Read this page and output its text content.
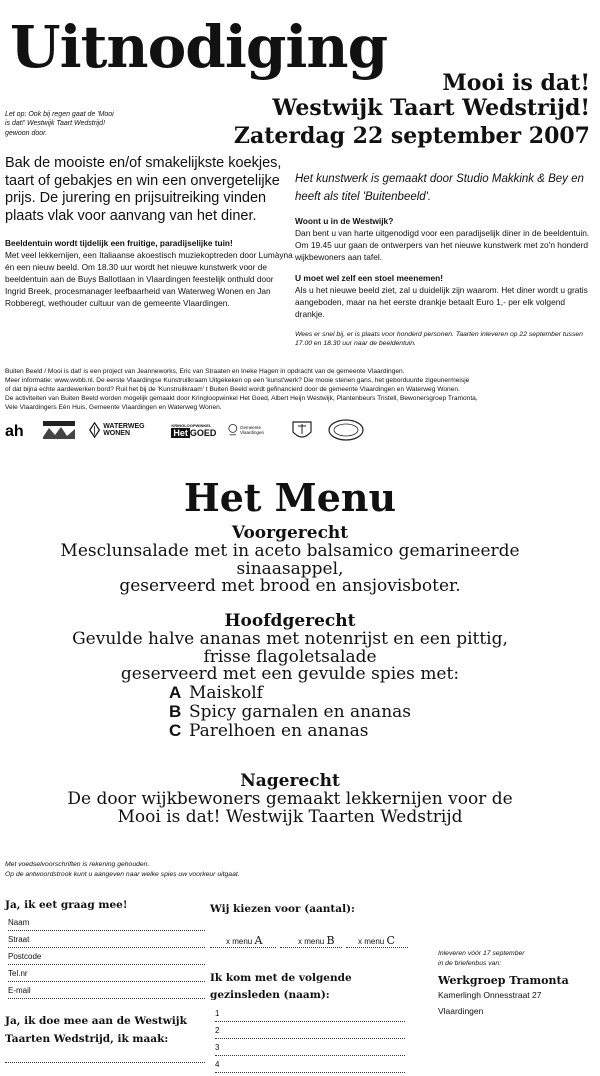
Uitnodiging
Mooi is dat!
Westwijk Taart Wedstrijd!
Zaterdag 22 september 2007
Let op: Ook bij regen gaat de 'Mooi is dat!' Westwijk Taart Wedstrijd! gewoon door.
Bak de mooiste en/of smakelijkste koekjes, taart of gebakjes en win een onvergetelijke prijs. De jurering en prijsuitreiking vinden plaats vlak voor aanvang van het diner.
Beeldentuin wordt tijdelijk een fruitige, paradijselijke tuin!
Met veel lekkernijen, een Italiaanse akoestisch muziekoptreden door Lumàyna én een nieuw beeld. Om 18.30 uur wordt het nieuwe kunstwerk voor de beeldentuin aan de Buys Ballotlaan in Vlaardingen feestelijk onthuld door Ingrid Breek, procesmanager leefbaarheid van Waterweg Wonen en Jan Robberegt, wethouder cultuur van de gemeente Vlaardingen.
Het kunstwerk is gemaakt door Studio Makkink & Bey en heeft als titel 'Buitenbeeld'.
Woont u in de Westwijk?
Dan bent u van harte uitgenodigd voor een paradijselijk diner in de beeldentuin. Om 19.45 uur gaan de ontwerpers van het nieuwe kunstwerk met zo'n honderd wijkbewoners aan tafel.
U moet wel zelf een stoel meenemen!
Als u het nieuwe beeld ziet, zal u duidelijk zijn waarom. Het diner wordt u gratis aangeboden, maar na het eerste drankje betaalt Euro 1,- per elk volgend drankje.
Wees er snel bij, er is plaats voor honderd personen. Taarten inleveren op 22 september tussen 17.00 en 18.30 uur naar de beeldentuin.
Buiten Beeld / Mooi is dat! is een project van Jeanneworks, Eric van Straaten en Ineke Hagen in opdracht van de gemeente Vlaardingen.
Meer informatie: www.wvbb.nl. De eerste Vlaardingse Kunstruilkraam Uitgekeken op een 'kunst'werk? Die mooie stenen gans, het geborduurde zigeunermeisje
of dat bijna echte aardewerken bord? Ruil het bij de 'Kunstruilkraam' t Buiten Beeld wordt gefinancierd door de gemeente Vlaardingen en Waterweg Wonen.
De activiteiten van Buiten Beeld worden mogelijk gemaakt door Kringloopwinkel Het Goed, Albert Heijn Westwijk, Plantenbeurs Tristell, Bewonersgroep Tramonta,
Vele Vlaardingers Eén Huis, Gemeente Vlaardingen en Waterweg Wonen.
ah	WATERWEG WONEN
KRINGLOOPWINKEL
Het GOED	Gemeente Vlaardingen
Het Menu
Voorgerecht
Mesclunsalade met in aceto balsamico gemarineerde
sinaasappel,
geserveerd met brood en ansjovisboter.
Hoofdgerecht
Gevulde halve ananas met notenrijst en een pittig,
frisse flagoletsalade
geserveerd met een gevulde spies met:
A Maiskolf
B Spicy garnalen en ananas
C Parelhoen en ananas
Nagerecht
De door wijkbewoners gemaakt lekkernijen voor de
Mooi is dat! Westwijk Taarten Wedstrijd
Met voedselvoorschriften is rekening gehouden.
Op de antwoordstrook kunt u aangeven naar welke spies uw voorkeur uitgaat.
Ja, ik eet graag mee!
Naam
Straat
Postcode
Tel.nr
E-mail
Ja, ik doe mee aan de Westwijk Taarten Wedstrijd, ik maak:
Wij kiezen voor (aantal):
x menu A	x menu B	x menu C
Ik kom met de volgende gezinsleden (naam):
1
2
3
4
Inleveren vóór 17 september
in de briefenbus van:
Werkgroep Tramonta
Kamerlingh Onnesstraat 27
Vlaardingen
